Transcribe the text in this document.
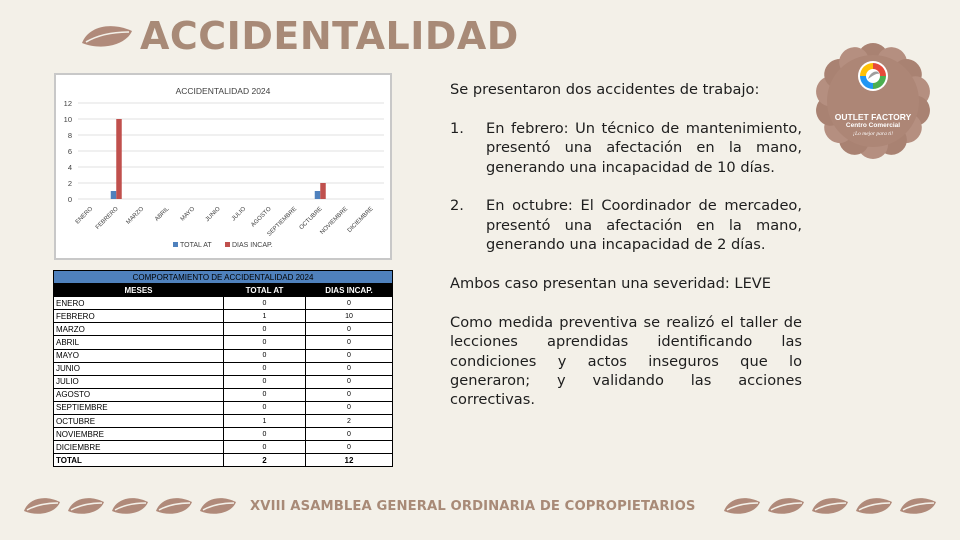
ACCIDENTALIDAD
OUTLET FACTORY
Centro Comercial
¡Lo mejor para ti!
ACCIDENTALIDAD 2024
0
2
4
6
8
10
12
ENERO FEBRERO MARZO ABRIL MAYO JUNIO JULIO AGOSTO
SEPTIEMBRE OCTUBRE
NOVIEMBRE
DICIEMBRE
TOTAL AT	DIAS INCAP.
COMPORTAMIENTO DE ACCIDENTALIDAD 2024		
MESES	TOTAL AT	DIAS INCAP.
ENERO	0	0
FEBRERO	1	10
MARZO	0	0
ABRIL	0	0
MAYO	0	0
JUNIO	0	0
JULIO	0	0
AGOSTO	0	0
SEPTIEMBRE	0	0
OCTUBRE	1	2
NOVIEMBRE	0	0
DICIEMBRE	0	0
TOTAL	2	12

Se presentaron dos accidentes de trabajo:

1.	En febrero: Un técnico de mantenimiento, presentó una afectación en la mano, generando una incapacidad de 10 días.
2.	En octubre: El Coordinador de mercadeo, presentó una afectación en la mano, generando una incapacidad de 2 días.

Ambos caso presentan una severidad: LEVE

Como medida preventiva se realizó el taller de lecciones aprendidas identificando las condiciones y actos inseguros que lo generaron; y validando las acciones correctivas.

XVIII ASAMBLEA GENERAL ORDINARIA DE COPROPIETARIOS
